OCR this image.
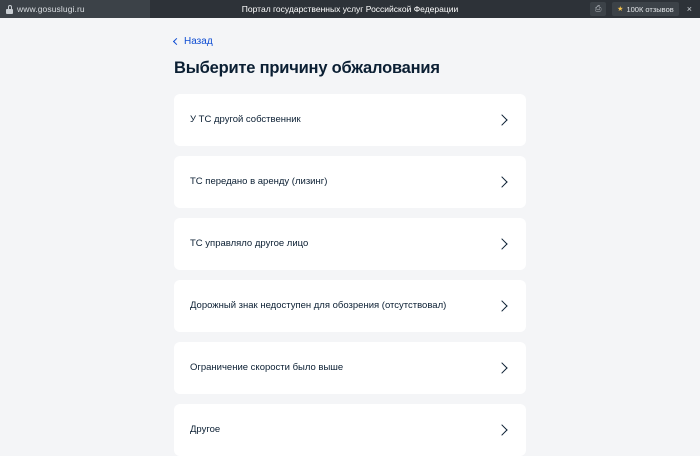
www.gosuslugi.ru	Портал государственных услуг Российской Федерации	⎙	★ 100К отзывов ×
Назад
Выберите причину обжалования
У ТС другой собственник
ТС передано в аренду (лизинг)
ТС управляло другое лицо
Дорожный знак недоступен для обозрения (отсутствовал)
Ограничение скорости было выше
Другое
